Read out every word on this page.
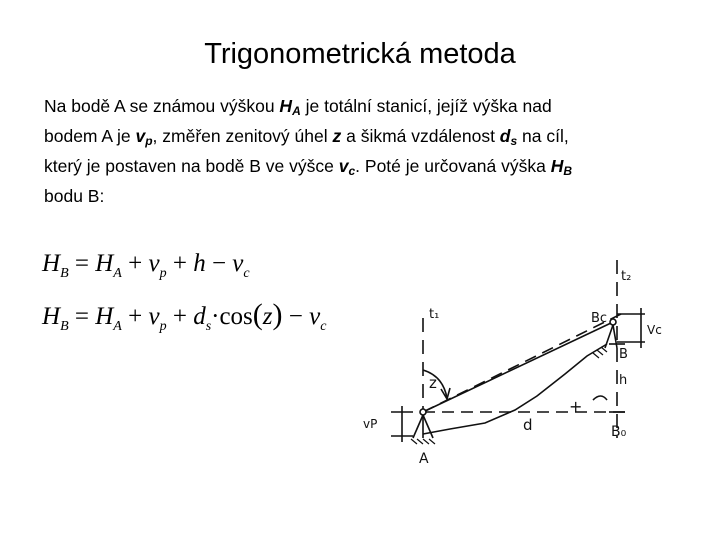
Trigonometrická metoda
Na bodě A se známou výškou $H_A$ je totální stanicí, jejíž výška nad
bodem A je $v_p$, změřen zenitový úhel z a šikmá vzdálenost $d_s$ na cíl,
který je postaven na bodě B ve výšce $v_c$. Poté je určovaná výška $H_B$
bodu B:
$H_B = H_A + v_p + h - v_c$
$H_B = H_A + v_p + d_s\cdot\cos(z) - v_c$
t₁
t₂
z
vP	d
A
Bc
Vc
B
h
B₀
+
